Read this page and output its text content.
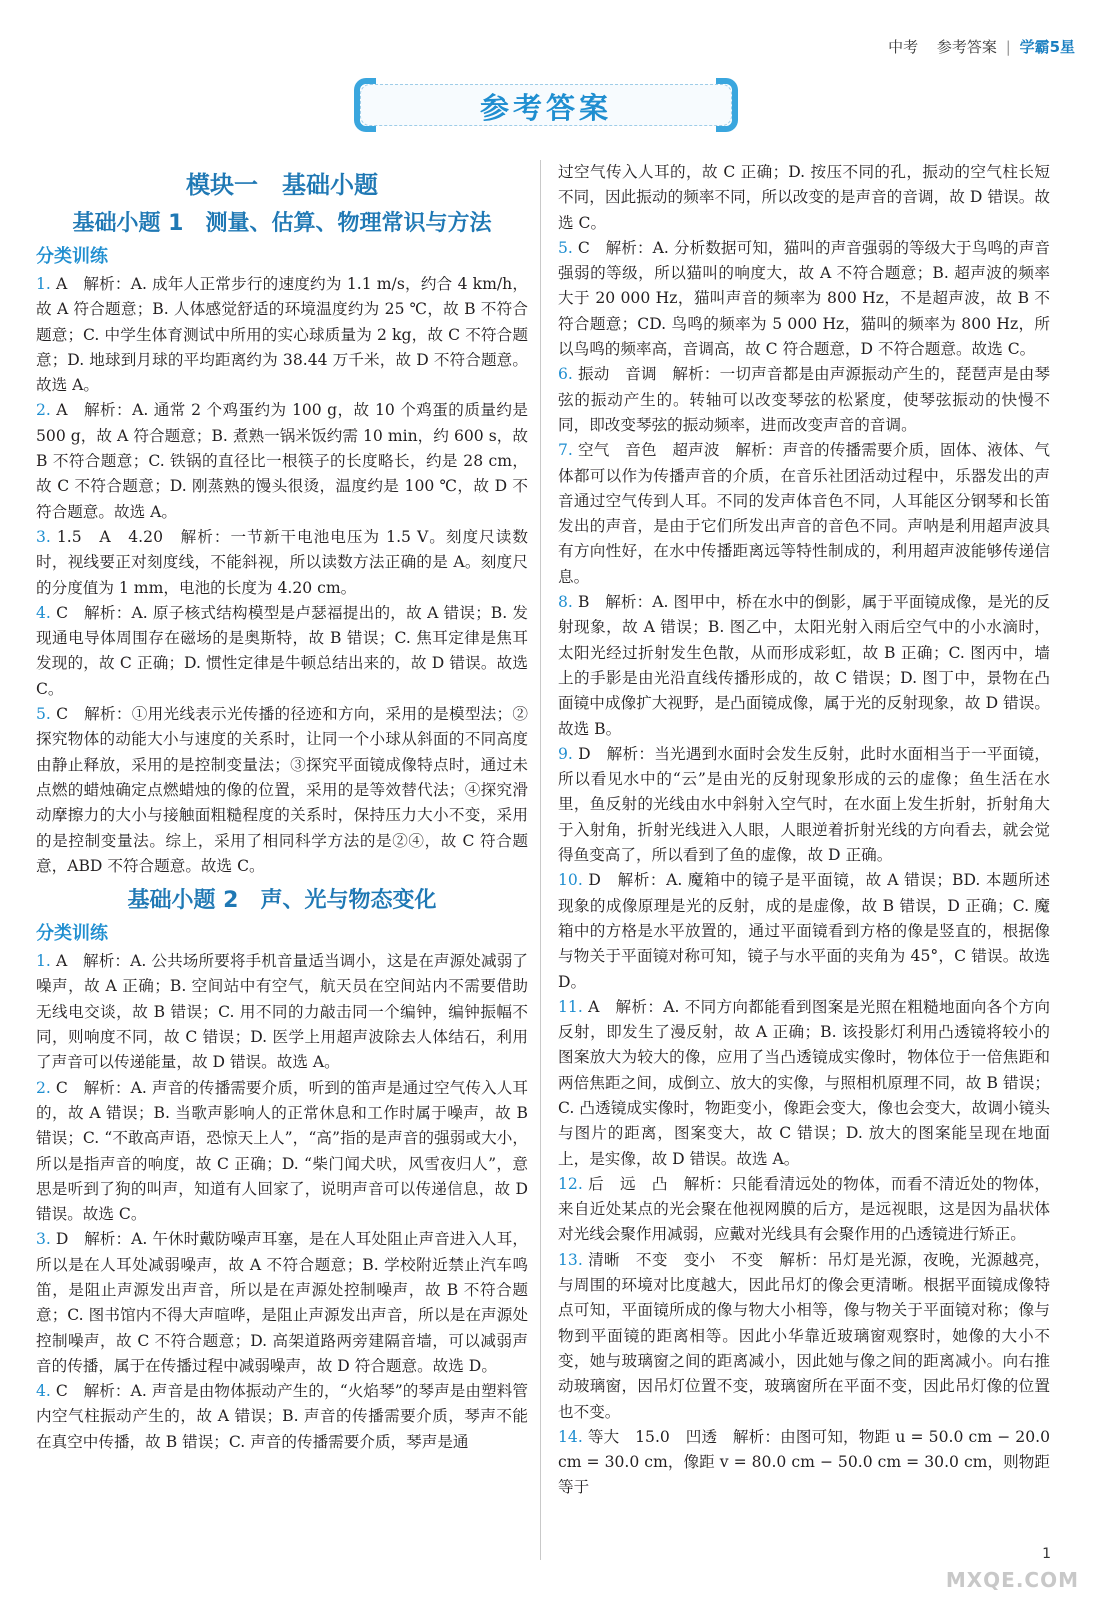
中考 参考答案 | 学霸5星
参考答案
模块一　基础小题
基础小题 1　测量、估算、物理常识与方法
分类训练

1. A　解析：A. 成年人正常步行的速度约为 1.1 m/s，约合 4 km/h，故 A 符合题意；B. 人体感觉舒适的环境温度约为 25 ℃，故 B 不符合题意；C. 中学生体育测试中所用的实心球质量为 2 kg，故 C 不符合题意；D. 地球到月球的平均距离约为 38.44 万千米，故 D 不符合题意。故选 A。

2. A　解析：A. 通常 2 个鸡蛋约为 100 g，故 10 个鸡蛋的质量约是 500 g，故 A 符合题意；B. 煮熟一锅米饭约需 10 min，约 600 s，故 B 不符合题意；C. 铁锅的直径比一根筷子的长度略长，约是 28 cm，故 C 不符合题意；D. 刚蒸熟的馒头很烫，温度约是 100 ℃，故 D 不符合题意。故选 A。

3. 1.5　A　4.20　解析：一节新干电池电压为 1.5 V。刻度尺读数时，视线要正对刻度线，不能斜视，所以读数方法正确的是 A。刻度尺的分度值为 1 mm，电池的长度为 4.20 cm。

4. C　解析：A. 原子核式结构模型是卢瑟福提出的，故 A 错误；B. 发现通电导体周围存在磁场的是奥斯特，故 B 错误；C. 焦耳定律是焦耳发现的，故 C 正确；D. 惯性定律是牛顿总结出来的，故 D 错误。故选 C。

5. C　解析：①用光线表示光传播的径迹和方向，采用的是模型法；②探究物体的动能大小与速度的关系时，让同一个小球从斜面的不同高度由静止释放，采用的是控制变量法；③探究平面镜成像特点时，通过未点燃的蜡烛确定点燃蜡烛的像的位置，采用的是等效替代法；④探究滑动摩擦力的大小与接触面粗糙程度的关系时，保持压力大小不变，采用的是控制变量法。综上，采用了相同科学方法的是②④，故 C 符合题意，ABD 不符合题意。故选 C。

基础小题 2　声、光与物态变化
分类训练

1. A　解析：A. 公共场所要将手机音量适当调小，这是在声源处减弱了噪声，故 A 正确；B. 空间站中有空气，航天员在空间站内不需要借助无线电交谈，故 B 错误；C. 用不同的力敲击同一个编钟，编钟振幅不同，则响度不同，故 C 错误；D. 医学上用超声波除去人体结石，利用了声音可以传递能量，故 D 错误。故选 A。

2. C　解析：A. 声音的传播需要介质，听到的笛声是通过空气传入人耳的，故 A 错误；B. 当歌声影响人的正常休息和工作时属于噪声，故 B 错误；C. “不敢高声语，恐惊天上人”，“高”指的是声音的强弱或大小，所以是指声音的响度，故 C 正确；D. “柴门闻犬吠，风雪夜归人”，意思是听到了狗的叫声，知道有人回家了，说明声音可以传递信息，故 D 错误。故选 C。

3. D　解析：A. 午休时戴防噪声耳塞，是在人耳处阻止声音进入人耳，所以是在人耳处减弱噪声，故 A 不符合题意；B. 学校附近禁止汽车鸣笛，是阻止声源发出声音，所以是在声源处控制噪声，故 B 不符合题意；C. 图书馆内不得大声喧哗，是阻止声源发出声音，所以是在声源处控制噪声，故 C 不符合题意；D. 高架道路两旁建隔音墙，可以减弱声音的传播，属于在传播过程中减弱噪声，故 D 符合题意。故选 D。

4. C　解析：A. 声音是由物体振动产生的，“火焰琴”的琴声是由塑料管内空气柱振动产生的，故 A 错误；B. 声音的传播需要介质，琴声不能在真空中传播，故 B 错误；C. 声音的传播需要介质，琴声是通

过空气传入人耳的，故 C 正确；D. 按压不同的孔，振动的空气柱长短不同，因此振动的频率不同，所以改变的是声音的音调，故 D 错误。故选 C。

5. C　解析：A. 分析数据可知，猫叫的声音强弱的等级大于鸟鸣的声音强弱的等级，所以猫叫的响度大，故 A 不符合题意；B. 超声波的频率大于 20 000 Hz，猫叫声音的频率为 800 Hz，不是超声波，故 B 不符合题意；CD. 鸟鸣的频率为 5 000 Hz，猫叫的频率为 800 Hz，所以鸟鸣的频率高，音调高，故 C 符合题意，D 不符合题意。故选 C。

6. 振动　音调　解析：一切声音都是由声源振动产生的，琵琶声是由琴弦的振动产生的。转轴可以改变琴弦的松紧度，使琴弦振动的快慢不同，即改变琴弦的振动频率，进而改变声音的音调。

7. 空气　音色　超声波　解析：声音的传播需要介质，固体、液体、气体都可以作为传播声音的介质，在音乐社团活动过程中，乐器发出的声音通过空气传到人耳。不同的发声体音色不同，人耳能区分钢琴和长笛发出的声音，是由于它们所发出声音的音色不同。声呐是利用超声波具有方向性好，在水中传播距离远等特性制成的，利用超声波能够传递信息。

8. B　解析：A. 图甲中，桥在水中的倒影，属于平面镜成像，是光的反射现象，故 A 错误；B. 图乙中，太阳光射入雨后空气中的小水滴时，太阳光经过折射发生色散，从而形成彩虹，故 B 正确；C. 图丙中，墙上的手影是由光沿直线传播形成的，故 C 错误；D. 图丁中，景物在凸面镜中成像扩大视野，是凸面镜成像，属于光的反射现象，故 D 错误。故选 B。

9. D　解析：当光遇到水面时会发生反射，此时水面相当于一平面镜，所以看见水中的“云”是由光的反射现象形成的云的虚像；鱼生活在水里，鱼反射的光线由水中斜射入空气时，在水面上发生折射，折射角大于入射角，折射光线进入人眼，人眼逆着折射光线的方向看去，就会觉得鱼变高了，所以看到了鱼的虚像，故 D 正确。

10. D　解析：A. 魔箱中的镜子是平面镜，故 A 错误；BD. 本题所述现象的成像原理是光的反射，成的是虚像，故 B 错误，D 正确；C. 魔箱中的方格是水平放置的，通过平面镜看到方格的像是竖直的，根据像与物关于平面镜对称可知，镜子与水平面的夹角为 45°，C 错误。故选 D。

11. A　解析：A. 不同方向都能看到图案是光照在粗糙地面向各个方向反射，即发生了漫反射，故 A 正确；B. 该投影灯利用凸透镜将较小的图案放大为较大的像，应用了当凸透镜成实像时，物体位于一倍焦距和两倍焦距之间，成倒立、放大的实像，与照相机原理不同，故 B 错误；C. 凸透镜成实像时，物距变小，像距会变大，像也会变大，故调小镜头与图片的距离，图案变大，故 C 错误；D. 放大的图案能呈现在地面上，是实像，故 D 错误。故选 A。

12. 后　远　凸　解析：只能看清远处的物体，而看不清近处的物体，来自近处某点的光会聚在他视网膜的后方，是远视眼，这是因为晶状体对光线会聚作用减弱，应戴对光线具有会聚作用的凸透镜进行矫正。

13. 清晰　不变　变小　不变　解析：吊灯是光源，夜晚，光源越亮，与周围的环境对比度越大，因此吊灯的像会更清晰。根据平面镜成像特点可知，平面镜所成的像与物大小相等，像与物关于平面镜对称；像与物到平面镜的距离相等。因此小华靠近玻璃窗观察时，她像的大小不变，她与玻璃窗之间的距离减小，因此她与像之间的距离减小。向右推动玻璃窗，因吊灯位置不变，玻璃窗所在平面不变，因此吊灯像的位置也不变。

14. 等大　15.0　凹透　解析：由图可知，物距 u = 50.0 cm − 20.0 cm = 30.0 cm，像距 v = 80.0 cm − 50.0 cm = 30.0 cm，则物距等于

1
MXQE.COM
